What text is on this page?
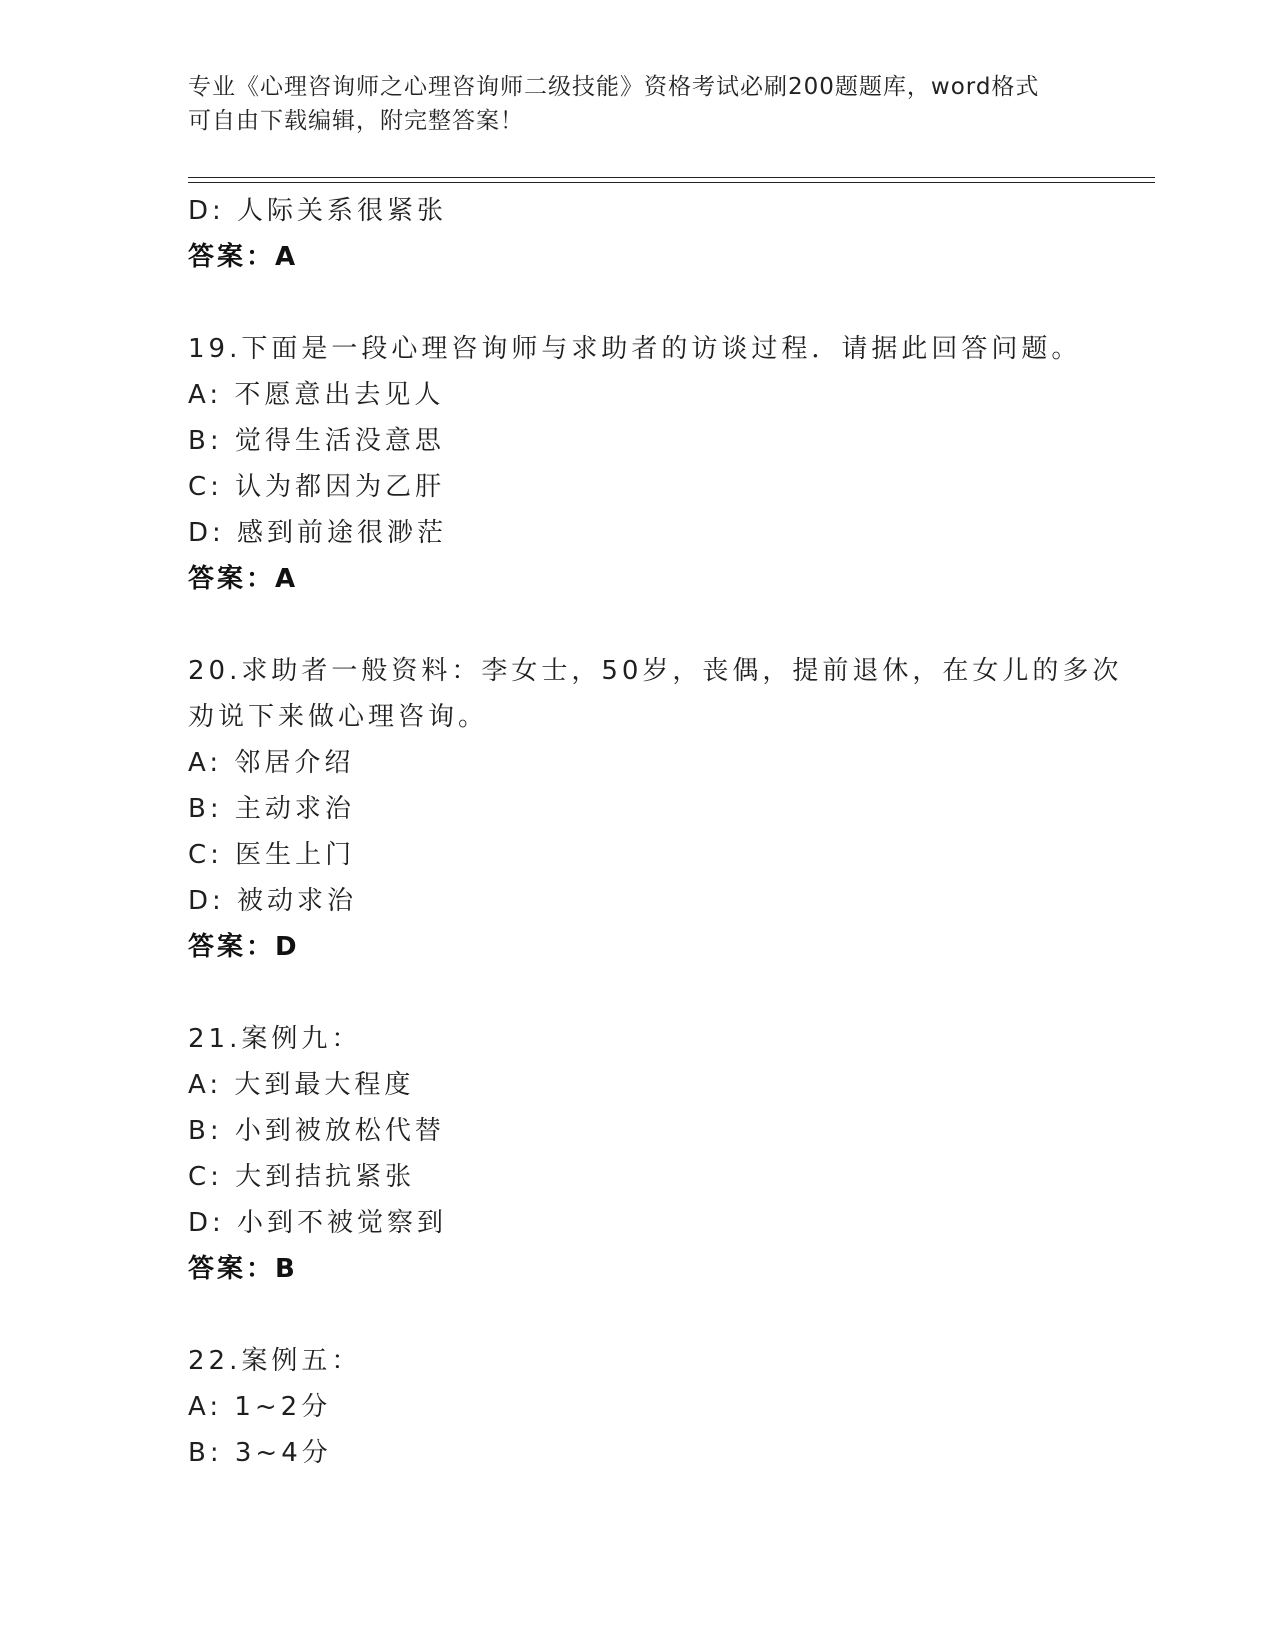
专业《心理咨询师之心理咨询师二级技能》资格考试必刷200题题库，word格式
可自由下载编辑，附完整答案！
D: 人际关系很紧张
答案：A
19.下面是一段心理咨询师与求助者的访谈过程．请据此回答问题。
A: 不愿意出去见人
B: 觉得生活没意思
C: 认为都因为乙肝
D: 感到前途很渺茫
答案：A
20.求助者一般资料：李女士，50岁，丧偶，提前退休，在女儿的多次
劝说下来做心理咨询。
A: 邻居介绍
B: 主动求治
C: 医生上门
D: 被动求治
答案：D
21.案例九：
A: 大到最大程度
B: 小到被放松代替
C: 大到拮抗紧张
D: 小到不被觉察到
答案：B
22.案例五：
A: 1~2分
B: 3~4分
